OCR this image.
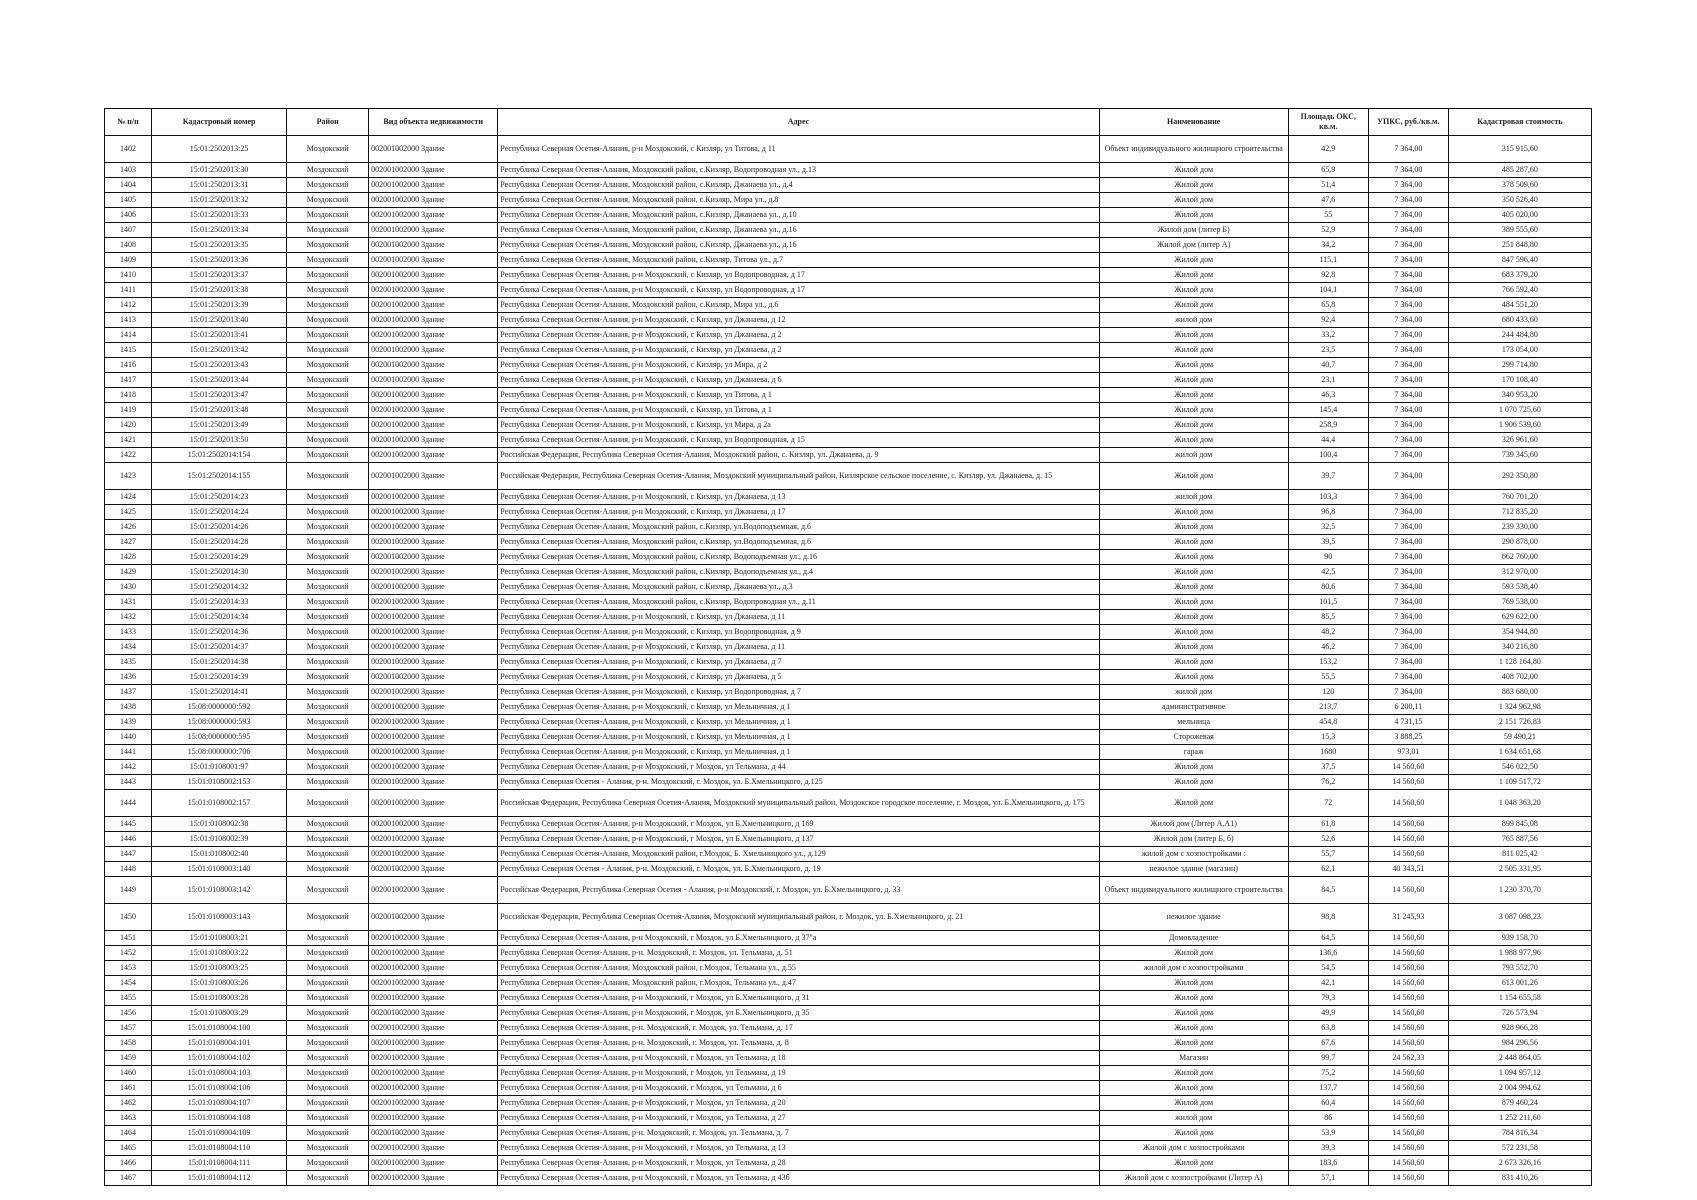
№ п/п	Кадастровый номер	Район	Вид объекта недвижимости	Адрес	Наименование	Площадь ОКС, кв.м.	УПКС, руб./кв.м.	Кадастровая стоимость
1402	15:01:2502013:25	Моздокский	002001002000 Здание	Республика Северная Осетия-Алания, р-н Моздокский, с Кизляр, ул Титова, д 11	Объект индивидуального жилищного строительства	42,9	7 364,00	315 915,60
1403	15:01:2502013:30	Моздокский	002001002000 Здание	Республика Северная Осетия-Алания, Моздокский район, с.Кизляр, Водопроводная ул., д.13	Жилой дом	65,9	7 364,00	485 287,60
1404	15:01:2502013:31	Моздокский	002001002000 Здание	Республика Северная Осетия-Алания, Моздокский район, с.Кизляр, Джанаева ул., д.4	Жилой дом	51,4	7 364,00	378 509,60
1405	15:01:2502013:32	Моздокский	002001002000 Здание	Республика Северная Осетия-Алания, Моздокский район, с.Кизляр, Мира ул., д.8	Жилой дом	47,6	7 364,00	350 526,40
1406	15:01:2502013:33	Моздокский	002001002000 Здание	Республика Северная Осетия-Алания, Моздокский район, с.Кизляр, Джанаева ул., д.10	Жилой дом	55	7 364,00	405 020,00
1407	15:01:2502013:34	Моздокский	002001002000 Здание	Республика Северная Осетия-Алания, Моздокский район, с.Кизляр, Джанаева ул., д.16	Жилой дом (литер Б)	52,9	7 364,00	389 555,60
1408	15:01:2502013:35	Моздокский	002001002000 Здание	Республика Северная Осетия-Алания, Моздокский район, с.Кизляр, Джанаева ул., д.16	Жилой дом (литер А)	34,2	7 364,00	251 848,80
1409	15:01:2502013:36	Моздокский	002001002000 Здание	Республика Северная Осетия-Алания, Моздокский район, с.Кизляр, Титова ул., д.7	Жилой дом	115,1	7 364,00	847 596,40
1410	15:01:2502013:37	Моздокский	002001002000 Здание	Республика Северная Осетия-Алания, р-н Моздокский, с Кизляр, ул Водопроводная, д 17	Жилой дом	92,8	7 364,00	683 379,20
1411	15:01:2502013:38	Моздокский	002001002000 Здание	Республика Северная Осетия-Алания, р-н Моздокский, с Кизляр, ул Водопроводная, д 17	Жилой дом	104,1	7 364,00	766 592,40
1412	15:01:2502013:39	Моздокский	002001002000 Здание	Республика Северная Осетия-Алания, Моздокский район, с.Кизляр, Мира ул., д.6	Жилой дом	65,8	7 364,00	484 551,20
1413	15:01:2502013:40	Моздокский	002001002000 Здание	Республика Северная Осетия-Алания, р-н Моздокский, с Кизляр, ул Джанаева, д 12	жилой дом	92,4	7 364,00	680 433,60
1414	15:01:2502013:41	Моздокский	002001002000 Здание	Республика Северная Осетия-Алания, р-н Моздокский, с Кизляр, ул Джанаева, д 2	Жилой дом	33,2	7 364,00	244 484,80
1415	15:01:2502013:42	Моздокский	002001002000 Здание	Республика Северная Осетия-Алания, р-н Моздокский, с Кизляр, ул Джанаева, д 2	Жилой дом	23,5	7 364,00	173 054,00
1416	15:01:2502013:43	Моздокский	002001002000 Здание	Республика Северная Осетия-Алания, р-н Моздокский, с Кизляр, ул Мира, д 2	Жилой дом	40,7	7 364,00	299 714,80
1417	15:01:2502013:44	Моздокский	002001002000 Здание	Республика Северная Осетия-Алания, р-н Моздокский, с Кизляр, ул Джанаева, д 6	Жилой дом	23,1	7 364,00	170 108,40
1418	15:01:2502013:47	Моздокский	002001002000 Здание	Республика Северная Осетия-Алания, р-н Моздокский, с Кизляр, ул Титова, д 1	Жилой дом	46,3	7 364,00	340 953,20
1419	15:01:2502013:48	Моздокский	002001002000 Здание	Республика Северная Осетия-Алания, р-н Моздокский, с Кизляр, ул Титова, д 1	Жилой дом	145,4	7 364,00	1 070 725,60
1420	15:01:2502013:49	Моздокский	002001002000 Здание	Республика Северная Осетия-Алания, р-н Моздокский, с Кизляр, ул Мира, д 2а	Жилой дом	258,9	7 364,00	1 906 539,60
1421	15:01:2502013:50	Моздокский	002001002000 Здание	Республика Северная Осетия-Алания, р-н Моздокский, с Кизляр, ул Водопроводная, д 15	Жилой дом	44,4	7 364,00	326 961,60
1422	15:01:2502014:154	Моздокский	002001002000 Здание	Российская Федерация, Республика Северная Осетия-Алания, Моздокский район, с. Кизляр, ул. Джанаева, д. 9	жилой дом	100,4	7 364,00	739 345,60
1423	15:01:2502014:155	Моздокский	002001002000 Здание	Российская Федерация, Республика Северная Осетия-Алания, Моздокский муниципальный район, Кизлярское сельское поселение, с. Кизляр, ул. Джанаева, д. 15	Жилой дом	39,7	7 364,00	292 350,80
1424	15:01:2502014:23	Моздокский	002001002000 Здание	Республика Северная Осетия-Алания, р-н Моздокский, с Кизляр, ул Джанаева, д 13	жилой дом	103,3	7 364,00	760 701,20
1425	15:01:2502014:24	Моздокский	002001002000 Здание	Республика Северная Осетия-Алания, р-н Моздокский, с Кизляр, ул Джанаева, д 17	Жилой дом	96,8	7 364,00	712 835,20
1426	15:01:2502014:26	Моздокский	002001002000 Здание	Республика Северная Осетия-Алания, Моздокский район, с.Кизляр, ул.Водоподъемная, д.6	Жилой дом	32,5	7 364,00	239 330,00
1427	15:01:2502014:28	Моздокский	002001002000 Здание	Республика Северная Осетия-Алания, Моздокский район, с.Кизляр, ул.Водоподъемная, д.6	Жилой дом	39,5	7 364,00	290 878,00
1428	15:01:2502014:29	Моздокский	002001002000 Здание	Республика Северная Осетия-Алания, Моздокский район, с.Кизляр, Водоподъемная ул., д.16	Жилой дом	90	7 364,00	662 760,00
1429	15:01:2502014:30	Моздокский	002001002000 Здание	Республика Северная Осетия-Алания, Моздокский район, с.Кизляр, Водоподъемная ул., д.4	Жилой дом	42,5	7 364,00	312 970,00
1430	15:01:2502014:32	Моздокский	002001002000 Здание	Республика Северная Осетия-Алания, Моздокский район, с.Кизляр, Джанаева ул., д.3	Жилой дом	80,6	7 364,00	593 538,40
1431	15:01:2502014:33	Моздокский	002001002000 Здание	Республика Северная Осетия-Алания, Моздокский район, с.Кизляр, Водопроводная ул., д.11	Жилой дом	101,5	7 364,00	769 538,00
1432	15:01:2502014:34	Моздокский	002001002000 Здание	Республика Северная Осетия-Алания, р-н Моздокский, с Кизляр, ул Джанаева, д 11	Жилой дом	85,5	7 364,00	629 622,00
1433	15:01:2502014:36	Моздокский	002001002000 Здание	Республика Северная Осетия-Алания, р-н Моздокский, с Кизляр, ул Водопроводная, д 9	Жилой дом	48,2	7 364,00	354 944,80
1434	15:01:2502014:37	Моздокский	002001002000 Здание	Республика Северная Осетия-Алания, р-н Моздокский, с Кизляр, ул Джанаева, д 11	Жилой дом	46,2	7 364,00	340 216,80
1435	15:01:2502014:38	Моздокский	002001002000 Здание	Республика Северная Осетия-Алания, р-н Моздокский, с Кизляр, ул Джанаева, д 7	Жилой дом	153,2	7 364,00	1 128 164,80
1436	15:01:2502014:39	Моздокский	002001002000 Здание	Республика Северная Осетия-Алания, р-н Моздокский, с Кизляр, ул Джанаева, д 5	Жилой дом	55,5	7 364,00	408 702,00
1437	15:01:2502014:41	Моздокский	002001002000 Здание	Республика Северная Осетия-Алания, р-н Моздокский, с Кизляр, ул Водопроводная, д 7	жилой дом	120	7 364,00	883 680,00
1438	15:08:0000000:592	Моздокский	002001002000 Здание	Республика Северная Осетия-Алания, р-н Моздокский, с Кизляр, ул Мельничная, д 1	административное	213,7	6 200,11	1 324 962,98
1439	15:08:0000000:593	Моздокский	002001002000 Здание	Республика Северная Осетия-Алания, р-н Моздокский, с Кизляр, ул Мельничная, д 1	мельница	454,8	4 731,15	2 151 726,83
1440	15:08:0000000:595	Моздокский	002001002000 Здание	Республика Северная Осетия-Алания, р-н Моздокский, с Кизляр, ул Мельничная, д 1	Сторожевая	15,3	3 888,25	59 490,21
1441	15:08:0000000:706	Моздокский	002001002000 Здание	Республика Северная Осетия-Алания, р-н Моздокский, с Кизляр, ул Мельничная, д 1	гараж	1680	973,01	1 634 651,68
1442	15:01:0108001:97	Моздокский	002001002000 Здание	Республика Северная Осетия-Алания, р-н Моздокский, г Моздок, ул Тельмана, д 44	Жилой дом	37,5	14 560,60	546 022,50
1443	15:01:0108002:153	Моздокский	002001002000 Здание	Республика Северная Осетия - Алания, р-н. Моздокский, г. Моздок, ул. Б.Хмельницкого, д.125	Жилой дом	76,2	14 560,60	1 109 517,72
1444	15:01:0108002:157	Моздокский	002001002000 Здание	Российская Федерация, Республика Северная Осетия-Алания, Моздокский муниципальный район, Моздокское городское поселение, г. Моздок, ул. Б.Хмельницкого, д. 175	Жилой дом	72	14 560,60	1 048 363,20
1445	15:01:0108002:38	Моздокский	002001002000 Здание	Республика Северная Осетия-Алания, р-н Моздокский, г Моздок, ул Б.Хмельницкого, д 169	Жилой дом (Литер А,А1)	61,8	14 560,60	899 845,08
1446	15:01:0108002:39	Моздокский	002001002000 Здание	Республика Северная Осетия-Алания, р-н Моздокский, г Моздок, ул Б.Хмельницкого, д 137	Жилой дом (литер Б, б)	52,6	14 560,60	765 887,56
1447	15:01:0108002:40	Моздокский	002001002000 Здание	Республика Северная Осетия-Алания, Моздокский район, г.Моздок, Б. Хмельницкого ул., д.129	жилой дом с хозпостройками :	55,7	14 560,60	811 025,42
1448	15:01:0108003:140	Моздокский	002001002000 Здание	Республика Северная Осетия - Алания, р-н. Моздокский, г. Моздок, ул. Б.Хмельницкого, д. 19	нежилое здание (магазин)	62,1	40 343,51	2 505 331,95
1449	15:01:0108003:142	Моздокский	002001002000 Здание	Российская Федерация, Республика Северная Осетия - Алания, р-н Моздокский, г. Моздок, ул. Б.Хмельницкого, д. 33	Объект индивидуального жилищного строительства	84,5	14 560,60	1 230 370,70
1450	15:01:0108003:143	Моздокский	002001002000 Здание	Российская Федерация, Республика Северная Осетия-Алания, Моздокский муниципальный район, г. Моздок, ул. Б.Хмельницкого, д. 21	нежилое здание	98,8	31 245,93	3 087 098,23
1451	15:01:0108003:21	Моздокский	002001002000 Здание	Республика Северная Осетия-Алания, р-н Моздокский, г Моздок, ул Б.Хмельницкого, д 37"а	Домовладение	64,5	14 560,60	939 158,70
1452	15:01:0108003:22	Моздокский	002001002000 Здание	Республика Северная Осетия-Алания, р-н. Моздокский, г. Моздок, ул. Тельмана, д. 51	Жилой дом	136,6	14 560,60	1 988 977,96
1453	15:01:0108003:25	Моздокский	002001002000 Здание	Республика Северная Осетия-Алания, Моздокский район, г.Моздок, Тельмана ул., д.55	жилой дом с хозпостройками	54,5	14 560,60	793 552,70
1454	15:01:0108003:26	Моздокский	002001002000 Здание	Республика Северная Осетия-Алания, Моздокский район, г.Моздок, Тельмана ул., д.47	Жилой дом	42,1	14 560,60	613 001,26
1455	15:01:0108003:28	Моздокский	002001002000 Здание	Республика Северная Осетия-Алания, р-н Моздокский, г Моздок, ул Б.Хмельницкого, д 31	Жилой дом	79,3	14 560,60	1 154 655,58
1456	15:01:0108003:29	Моздокский	002001002000 Здание	Республика Северная Осетия-Алания, р-н Моздокский, г Моздок, ул Б.Хмельницкого, д 35	Жилой дом	49,9	14 560,60	726 573,94
1457	15:01:0108004:100	Моздокский	002001002000 Здание	Республика Северная Осетия-Алания, р-н. Моздокский, г. Моздок, ул. Тельмана, д. 17	Жилой дом	63,8	14 560,60	928 966,28
1458	15:01:0108004:101	Моздокский	002001002000 Здание	Республика Северная Осетия-Алания, р-н. Моздокский, г. Моздок, ул. Тельмана, д. 8	Жилой дом	67,6	14 560,60	984 296,56
1459	15:01:0108004:102	Моздокский	002001002000 Здание	Республика Северная Осетия-Алания, р-н Моздокский, г Моздок, ул Тельмана, д 18	Магазин	99,7	24 562,33	2 448 864,05
1460	15:01:0108004:103	Моздокский	002001002000 Здание	Республика Северная Осетия-Алания, р-н Моздокский, г Моздок, ул Тельмана, д 19	Жилой дом	75,2	14 560,60	1 094 957,12
1461	15:01:0108004:106	Моздокский	002001002000 Здание	Республика Северная Осетия-Алания, р-н Моздокский, г Моздок, ул Тельмана, д 6	Жилой дом	137,7	14 560,60	2 004 994,62
1462	15:01:0108004:107	Моздокский	002001002000 Здание	Республика Северная Осетия-Алания, р-н Моздокский, г Моздок, ул Тельмана, д 20	Жилой дом	60,4	14 560,60	879 460,24
1463	15:01:0108004:108	Моздокский	002001002000 Здание	Республика Северная Осетия-Алания, р-н Моздокский, г Моздок, ул Тельмана, д 27	жилой дом	86	14 560,60	1 252 211,60
1464	15:01:0108004:109	Моздокский	002001002000 Здание	Республика Северная Осетия-Алания, р-н. Моздокский, г. Моздок, ул. Тельмана, д. 7	Жилой дом	53,9	14 560,60	784 816,34
1465	15:01:0108004:110	Моздокский	002001002000 Здание	Республика Северная Осетия-Алания, р-н Моздокский, г Моздок, ул Тельмана, д 13	Жилой дом с хозпостройками	39,3	14 560,60	572 231,58
1466	15:01:0108004:111	Моздокский	002001002000 Здание	Республика Северная Осетия-Алания, р-н Моздокский, г Моздок, ул Тельмана, д 28	Жилой дом	183,6	14 560,60	2 673 326,16
1467	15:01:0108004:112	Моздокский	002001002000 Здание	Республика Северная Осетия-Алания, р-н Моздокский, г Моздок, ул Тельмана, д 43б	Жилой дом с хозпостройками (Литер А)	57,1	14 560,60	831 410,26
